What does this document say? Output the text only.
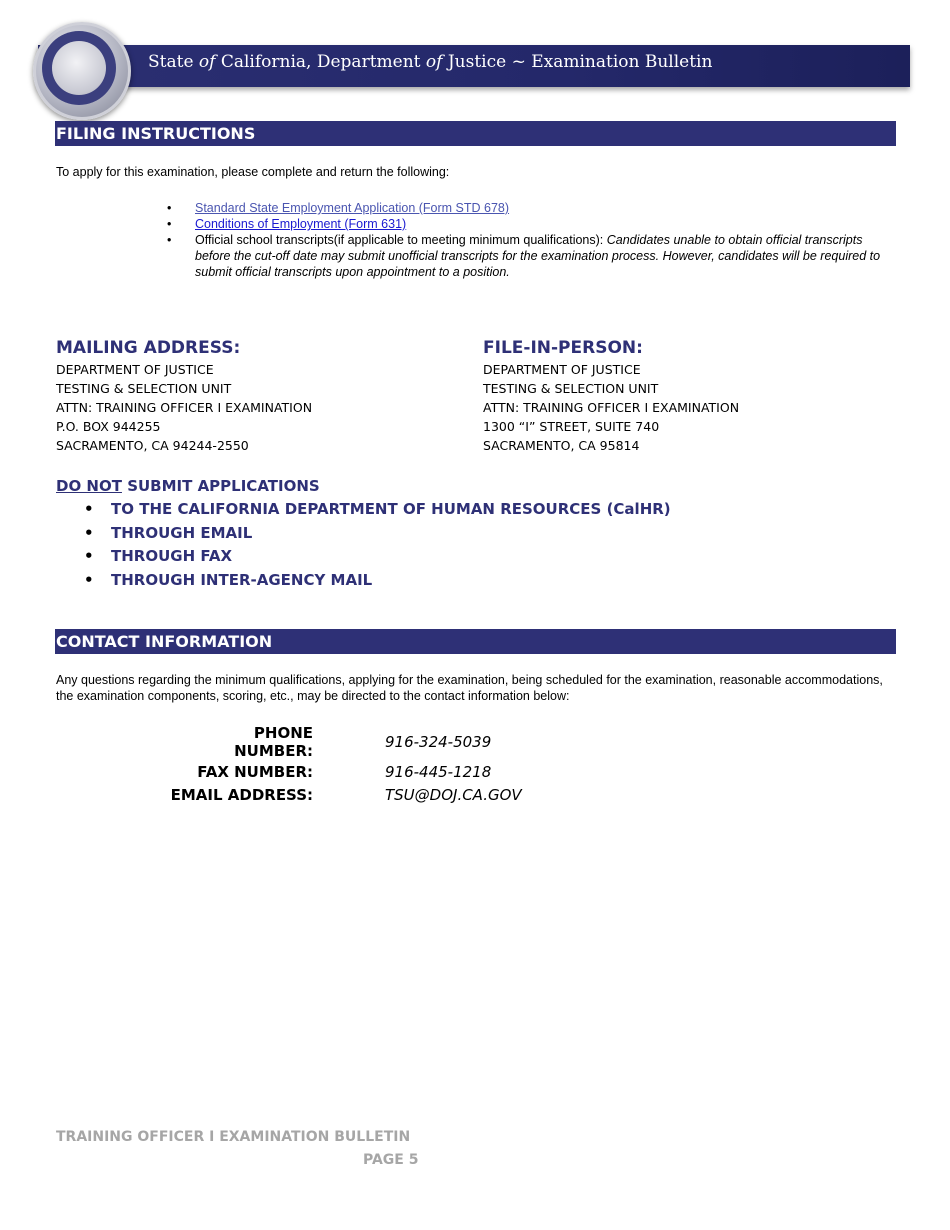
State of California, Department of Justice ~ Examination Bulletin
FILING INSTRUCTIONS
To apply for this examination, please complete and return the following:
• Standard State Employment Application (Form STD 678)
• Conditions of Employment (Form 631)
• Official school transcripts(if applicable to meeting minimum qualifications): Candidates unable to obtain official transcripts before the cut-off date may submit unofficial transcripts for the examination process. However, candidates will be required to submit official transcripts upon appointment to a position.
MAILING ADDRESS:
DEPARTMENT OF JUSTICE
TESTING & SELECTION UNIT
ATTN: TRAINING OFFICER I EXAMINATION
P.O. BOX 944255
SACRAMENTO, CA 94244-2550
FILE-IN-PERSON:
DEPARTMENT OF JUSTICE
TESTING & SELECTION UNIT
ATTN: TRAINING OFFICER I EXAMINATION
1300 “I” STREET, SUITE 740
SACRAMENTO, CA 95814
DO NOT SUBMIT APPLICATIONS
• TO THE CALIFORNIA DEPARTMENT OF HUMAN RESOURCES (CalHR)
• THROUGH EMAIL
• THROUGH FAX
• THROUGH INTER-AGENCY MAIL
CONTACT INFORMATION
Any questions regarding the minimum qualifications, applying for the examination, being scheduled for the examination, reasonable accommodations, the examination components, scoring, etc., may be directed to the contact information below:
PHONE NUMBER:	916-324-5039
FAX NUMBER:	916-445-1218
EMAIL ADDRESS:	TSU@DOJ.CA.GOV
TRAINING OFFICER I EXAMINATION BULLETIN
PAGE 5
